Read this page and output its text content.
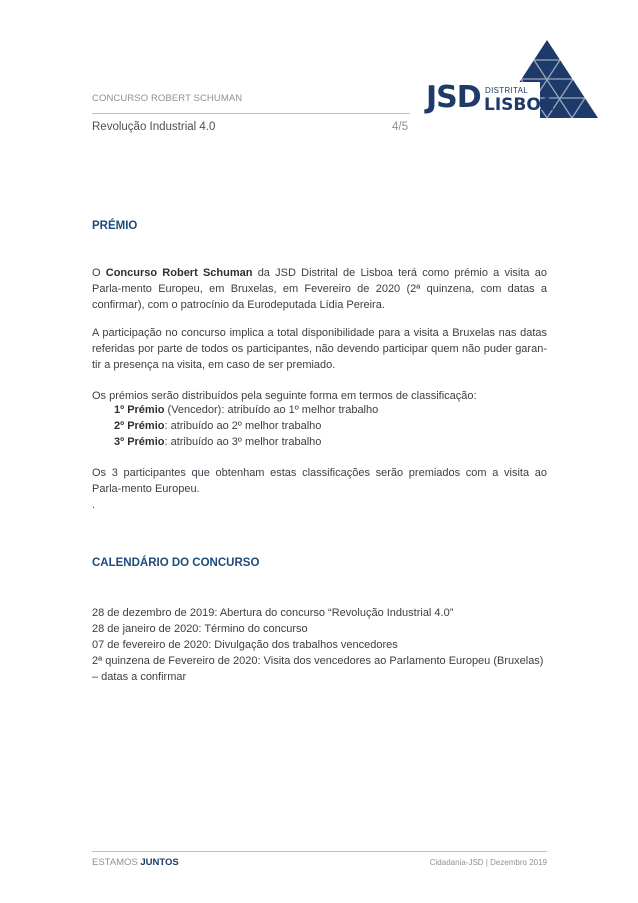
CONCURSO ROBERT SCHUMAN
Revolução Industrial 4.0	4/5
JSD DISTRITAL
LISBOA
PRÉMIO
O Concurso Robert Schuman da JSD Distrital de Lisboa terá como prémio a visita ao Parla-mento Europeu, em Bruxelas, em Fevereiro de 2020 (2ª quinzena, com datas a confirmar), com o patrocínio da Eurodeputada Lídia Pereira.
A participação no concurso implica a total disponibilidade para a visita a Bruxelas nas datas referidas por parte de todos os participantes, não devendo participar quem não puder garan-tir a presença na visita, em caso de ser premiado.
Os prémios serão distribuídos pela seguinte forma em termos de classificação:
1º Prémio (Vencedor): atribuído ao 1º melhor trabalho
2º Prémio: atribuído ao 2º melhor trabalho
3º Prémio: atribuído ao 3º melhor trabalho
Os 3 participantes que obtenham estas classificações serão premiados com a visita ao Parla-mento Europeu.
.
CALENDÁRIO DO CONCURSO
28 de dezembro de 2019: Abertura do concurso “Revolução Industrial 4.0”
28 de janeiro de 2020: Término do concurso
07 de fevereiro de 2020: Divulgação dos trabalhos vencedores
2ª quinzena de Fevereiro de 2020: Visita dos vencedores ao Parlamento Europeu (Bruxelas) – datas a confirmar
ESTAMOS JUNTOS	Cidadania-JSD | Dezembro 2019
